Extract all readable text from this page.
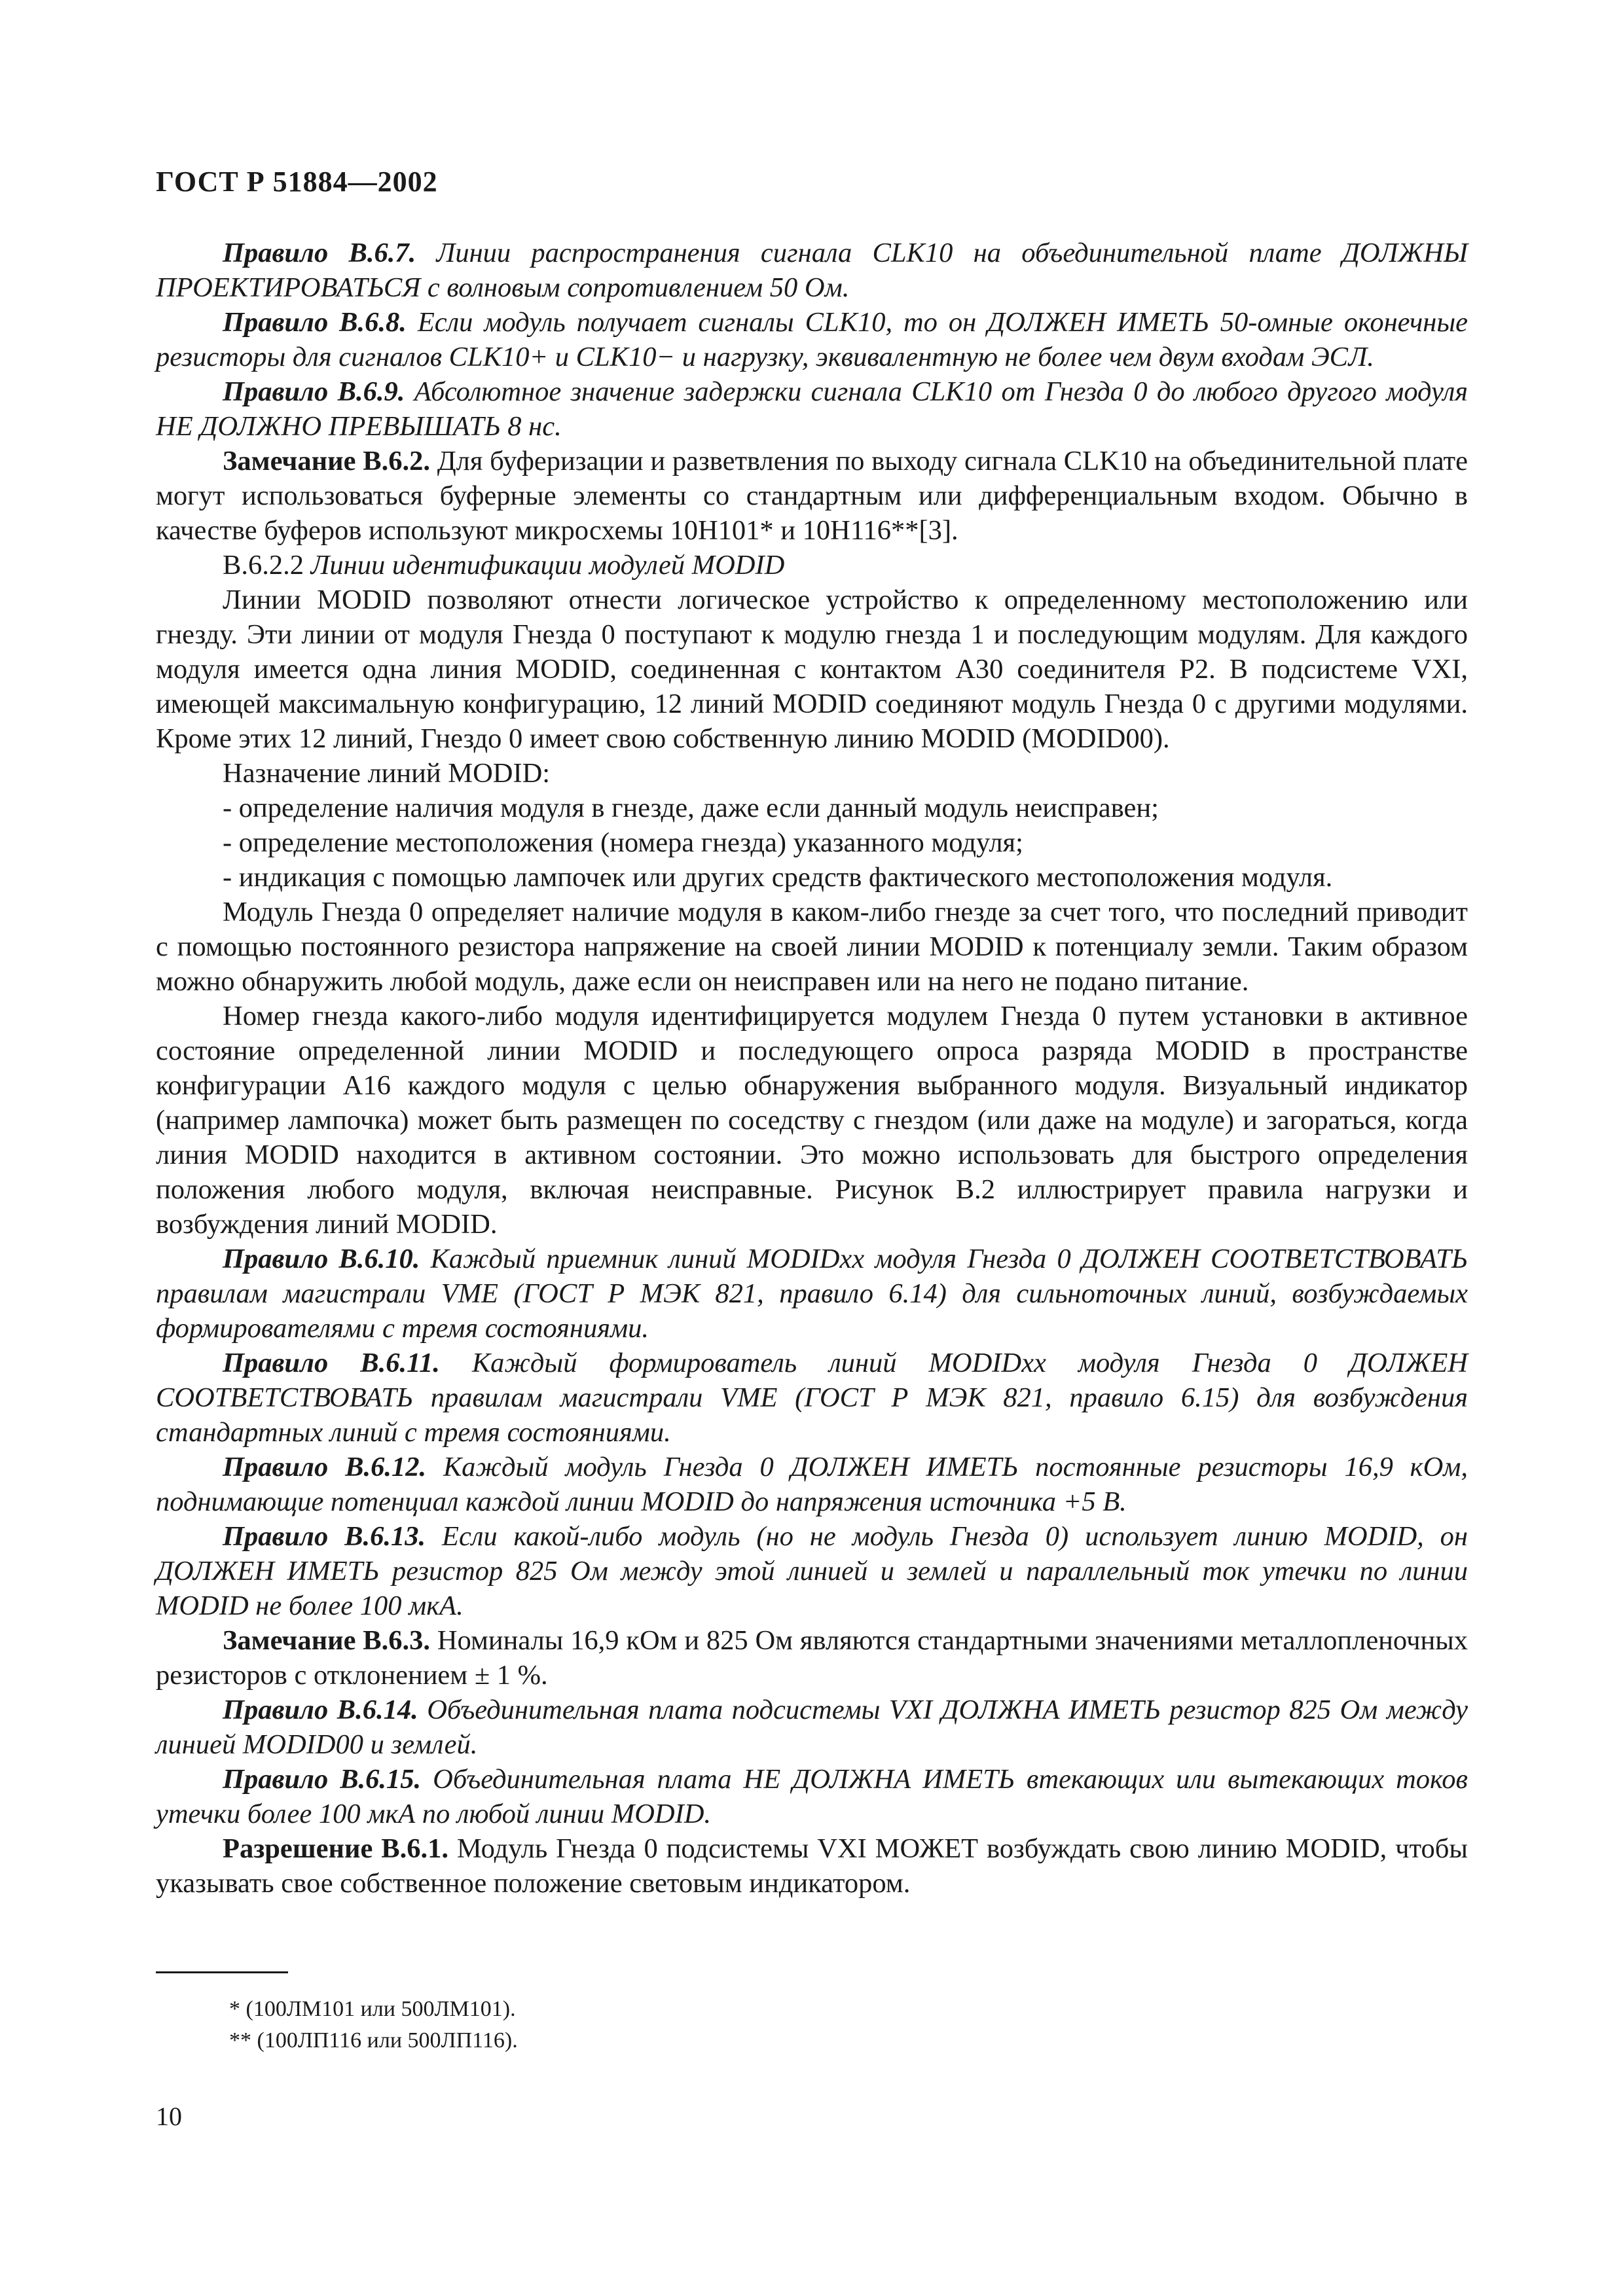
ГОСТ Р 51884—2002

Правило В.6.7. Линии распространения сигнала CLK10 на объединительной плате ДОЛЖНЫ ПРОЕКТИРОВАТЬСЯ с волновым сопротивлением 50 Ом.

Правило В.6.8. Если модуль получает сигналы CLK10, то он ДОЛЖЕН ИМЕТЬ 50-омные оконечные резисторы для сигналов CLK10+ и CLK10− и нагрузку, эквивалентную не более чем двум входам ЭСЛ.

Правило В.6.9. Абсолютное значение задержки сигнала CLK10 от Гнезда 0 до любого другого модуля НЕ ДОЛЖНО ПРЕВЫШАТЬ 8 нс.

Замечание В.6.2. Для буферизации и разветвления по выходу сигнала CLK10 на объединительной плате могут использоваться буферные элементы со стандартным или дифференциальным входом. Обычно в качестве буферов используют микросхемы 10H101* и 10H116**[3].

В.6.2.2 Линии идентификации модулей MODID

Линии MODID позволяют отнести логическое устройство к определенному местоположению или гнезду. Эти линии от модуля Гнезда 0 поступают к модулю гнезда 1 и последующим модулям. Для каждого модуля имеется одна линия MODID, соединенная с контактом A30 соединителя P2. В подсистеме VXI, имеющей максимальную конфигурацию, 12 линий MODID соединяют модуль Гнезда 0 с другими модулями. Кроме этих 12 линий, Гнездо 0 имеет свою собственную линию MODID (MODID00).

Назначение линий MODID:

- определение наличия модуля в гнезде, даже если данный модуль неисправен;

- определение местоположения (номера гнезда) указанного модуля;

- индикация с помощью лампочек или других средств фактического местоположения модуля.

Модуль Гнезда 0 определяет наличие модуля в каком-либо гнезде за счет того, что последний приводит с помощью постоянного резистора напряжение на своей линии MODID к потенциалу земли. Таким образом можно обнаружить любой модуль, даже если он неисправен или на него не подано питание.

Номер гнезда какого-либо модуля идентифицируется модулем Гнезда 0 путем установки в активное состояние определенной линии MODID и последующего опроса разряда MODID в пространстве конфигурации A16 каждого модуля с целью обнаружения выбранного модуля. Визуальный индикатор (например лампочка) может быть размещен по соседству с гнездом (или даже на модуле) и загораться, когда линия MODID находится в активном состоянии. Это можно использовать для быстрого определения положения любого модуля, включая неисправные. Рисунок В.2 иллюстрирует правила нагрузки и возбуждения линий MODID.

Правило В.6.10. Каждый приемник линий MODIDxx модуля Гнезда 0 ДОЛЖЕН СООТВЕТСТВОВАТЬ правилам магистрали VME (ГОСТ Р МЭК 821, правило 6.14) для сильноточных линий, возбуждаемых формирователями с тремя состояниями.

Правило В.6.11. Каждый формирователь линий MODIDxx модуля Гнезда 0 ДОЛЖЕН СООТВЕТСТВОВАТЬ правилам магистрали VME (ГОСТ Р МЭК 821, правило 6.15) для возбуждения стандартных линий с тремя состояниями.

Правило В.6.12. Каждый модуль Гнезда 0 ДОЛЖЕН ИМЕТЬ постоянные резисторы 16,9 кОм, поднимающие потенциал каждой линии MODID до напряжения источника +5 В.

Правило В.6.13. Если какой-либо модуль (но не модуль Гнезда 0) использует линию MODID, он ДОЛЖЕН ИМЕТЬ резистор 825 Ом между этой линией и землей и параллельный ток утечки по линии MODID не более 100 мкА.

Замечание В.6.3. Номиналы 16,9 кОм и 825 Ом являются стандартными значениями металлопленочных резисторов с отклонением ± 1 %.

Правило В.6.14. Объединительная плата подсистемы VXI ДОЛЖНА ИМЕТЬ резистор 825 Ом между линией MODID00 и землей.

Правило В.6.15. Объединительная плата НЕ ДОЛЖНА ИМЕТЬ втекающих или вытекающих токов утечки более 100 мкА по любой линии MODID.

Разрешение В.6.1. Модуль Гнезда 0 подсистемы VXI МОЖЕТ возбуждать свою линию MODID, чтобы указывать свое собственное положение световым индикатором.

* (100ЛМ101 или 500ЛМ101).
** (100ЛП116 или 500ЛП116).
10
